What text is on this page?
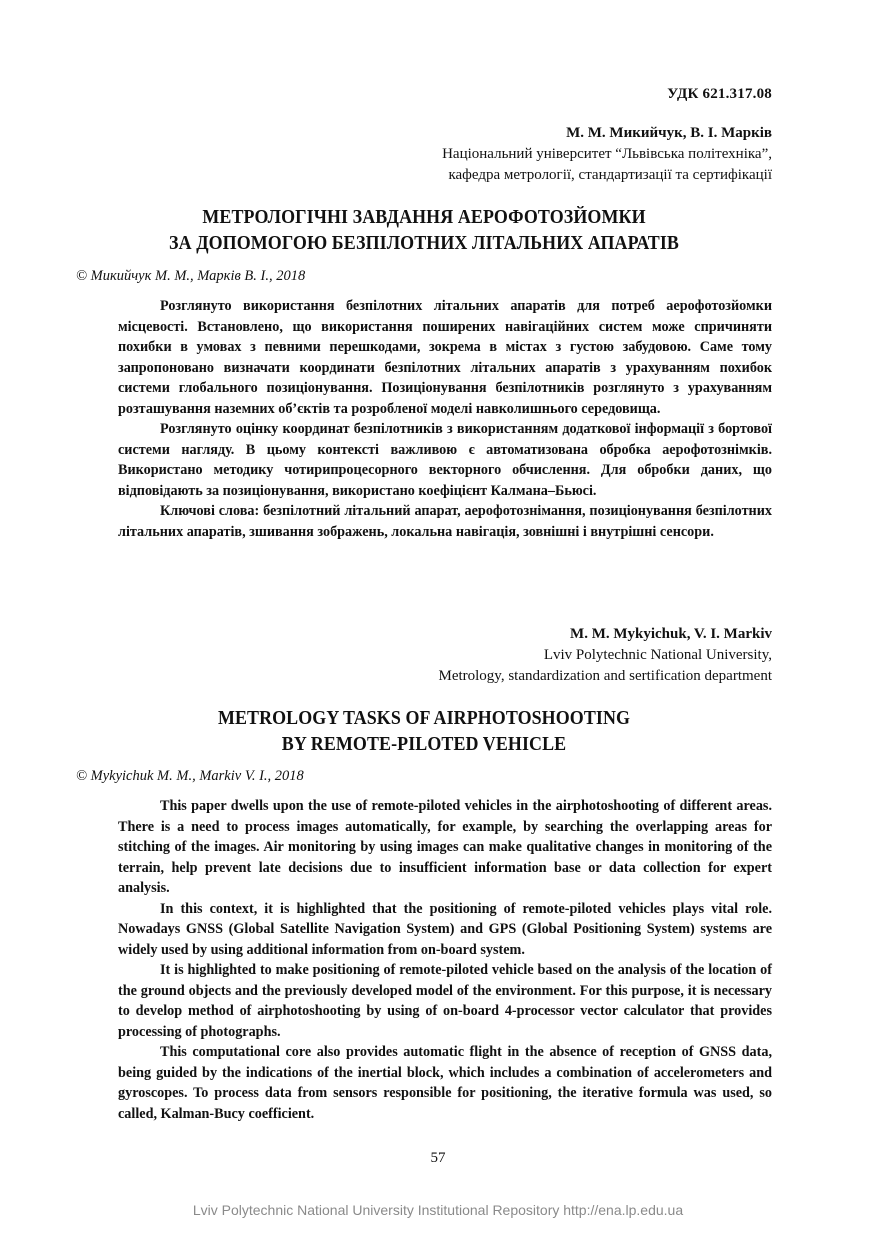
УДК 621.317.08
М. М. Микийчук, В. І. Марків
Національний університет “Львівська політехніка”,
кафедра метрології, стандартизації та сертифікації
МЕТРОЛОГІЧНІ ЗАВДАННЯ АЕРОФОТОЗЙОМКИ
ЗА ДОПОМОГОЮ БЕЗПІЛОТНИХ ЛІТАЛЬНИХ АПАРАТІВ
© Микийчук М. М., Марків В. І., 2018

Розглянуто використання безпілотних літальних апаратів для потреб аерофотозйомки місцевості. Встановлено, що використання поширених навігаційних систем може спричиняти похибки в умовах з певними перешкодами, зокрема в містах з густою забудовою. Саме тому запропоновано визначати координати безпілотних літальних апаратів з урахуванням похибок системи глобального позиціонування. Позиціонування безпілотників розглянуто з урахуванням розташування наземних об’єктів та розробленої моделі навколишнього середовища.

Розглянуто оцінку координат безпілотників з використанням додаткової інформації з бортової системи нагляду. В цьому контексті важливою є автоматизована обробка аерофотознімків. Використано методику чотирипроцесорного векторного обчислення. Для обробки даних, що відповідають за позиціонування, використано коефіцієнт Калмана–Бьюсі.

Ключові слова: безпілотний літальний апарат, аерофотознімання, позиціонування безпілотних літальних апаратів, зшивання зображень, локальна навігація, зовнішні і внутрішні сенсори.

M. M. Mykyichuk, V. I. Markiv
Lviv Polytechnic National University,
Metrology, standardization and sertification department
METROLOGY TASKS OF AIRPHOTOSHOOTING
BY REMOTE-PILOTED VEHICLE
© Mykyichuk M. M., Markiv V. I., 2018

This paper dwells upon the use of remote-piloted vehicles in the airphotoshooting of different areas. There is a need to process images automatically, for example, by searching the overlapping areas for stitching of the images. Air monitoring by using images can make qualitative changes in monitoring of the terrain, help prevent late decisions due to insufficient information base or data collection for expert analysis.

In this context, it is highlighted that the positioning of remote-piloted vehicles plays vital role. Nowadays GNSS (Global Satellite Navigation System) and GPS (Global Positioning System) systems are widely used by using additional information from on-board system.

It is highlighted to make positioning of remote-piloted vehicle based on the analysis of the location of the ground objects and the previously developed model of the environment. For this purpose, it is necessary to develop method of airphotoshooting by using of on-board 4-processor vector calculator that provides processing of photographs.

This computational core also provides automatic flight in the absence of reception of GNSS data, being guided by the indications of the inertial block, which includes a combination of accelerometers and gyroscopes. To process data from sensors responsible for positioning, the iterative formula was used, so called, Kalman-Bucy coefficient.

57
Lviv Polytechnic National University Institutional Repository http://ena.lp.edu.ua
